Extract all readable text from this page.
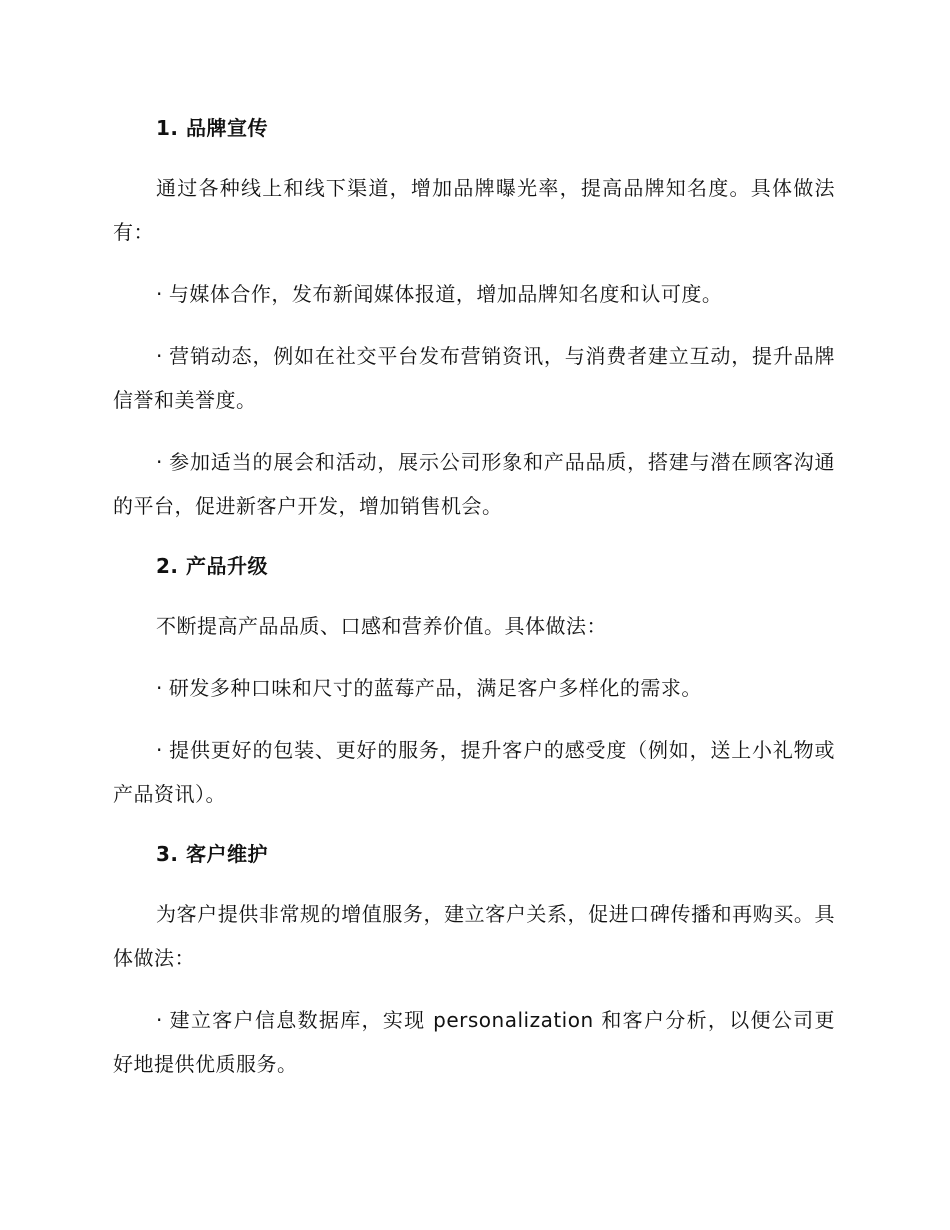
1. 品牌宣传

通过各种线上和线下渠道，增加品牌曝光率，提高品牌知名度。具体做法有：

· 与媒体合作，发布新闻媒体报道，增加品牌知名度和认可度。

· 营销动态，例如在社交平台发布营销资讯，与消费者建立互动，提升品牌信誉和美誉度。

· 参加适当的展会和活动，展示公司形象和产品品质，搭建与潜在顾客沟通的平台，促进新客户开发，增加销售机会。

2. 产品升级

不断提高产品品质、口感和营养价值。具体做法：

· 研发多种口味和尺寸的蓝莓产品，满足客户多样化的需求。

· 提供更好的包装、更好的服务，提升客户的感受度（例如，送上小礼物或产品资讯）。

3. 客户维护

为客户提供非常规的增值服务，建立客户关系，促进口碑传播和再购买。具体做法：

· 建立客户信息数据库，实现 personalization 和客户分析，以便公司更好地提供优质服务。
